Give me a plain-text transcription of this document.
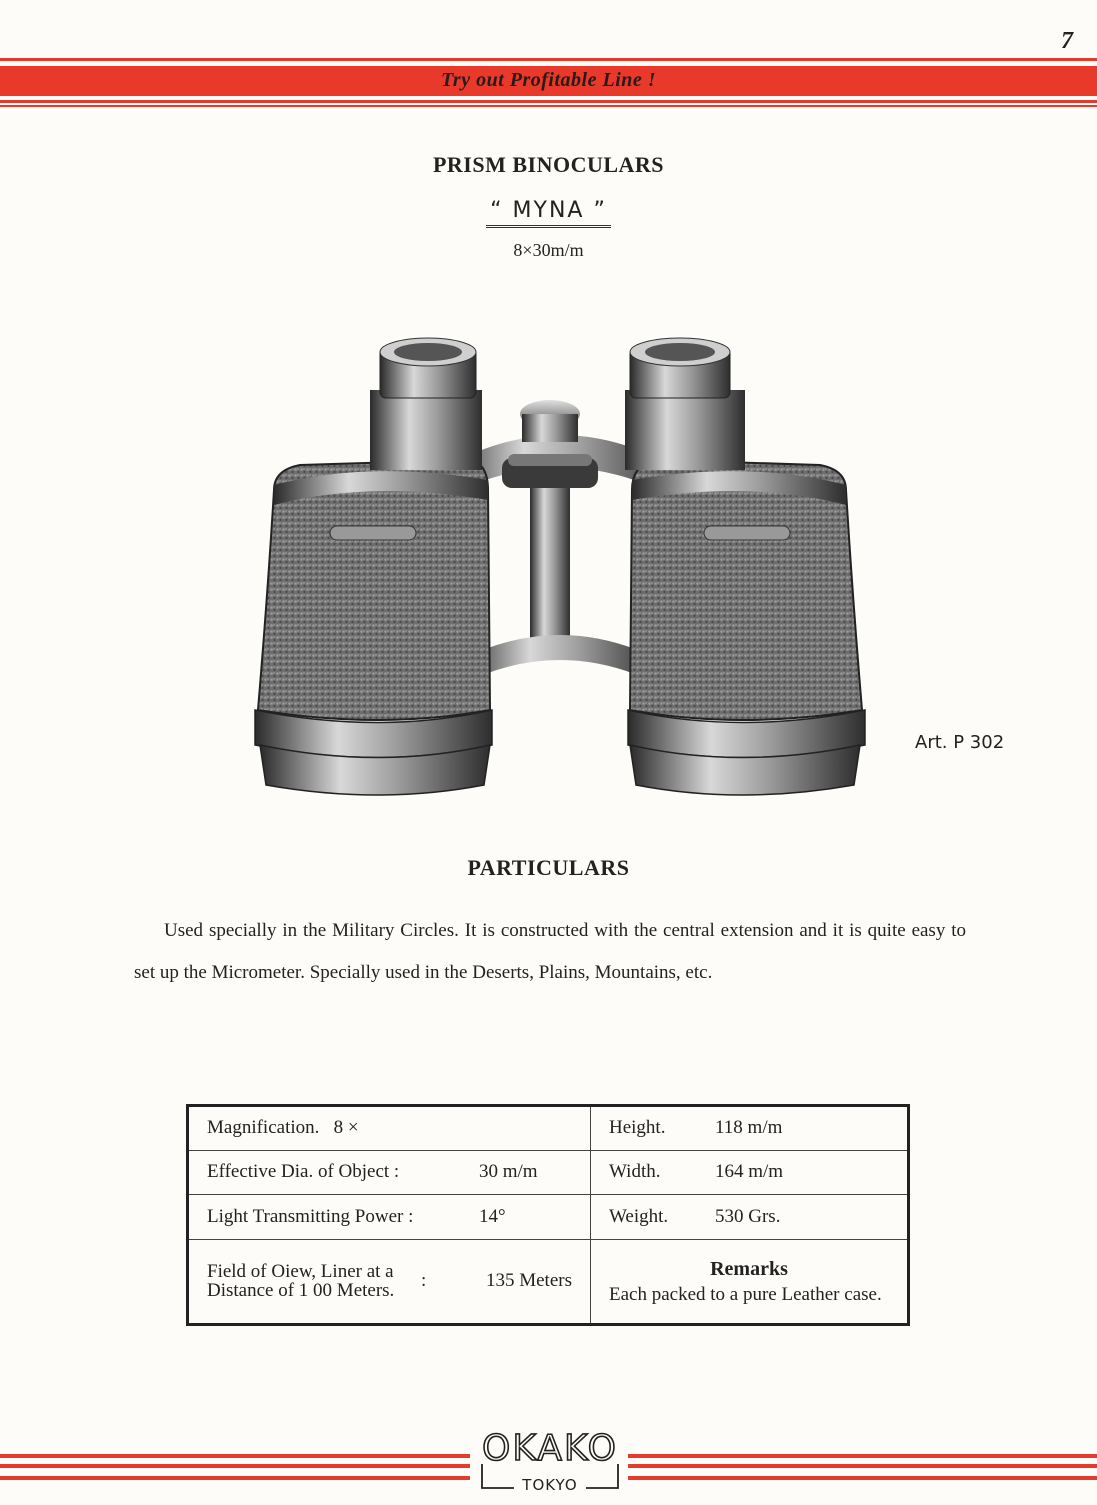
7
Try out Profitable Line !
PRISM BINOCULARS
“ MYNA ”
8×30m/m
Art. P 302
PARTICULARS

Used specially in the Military Circles. It is constructed with the central extension and it is quite easy to set up the Micrometer. Specially used in the Deserts, Plains, Mountains, etc.

Magnification. 8 ×	Height.	118 m/m
Effective Dia. of Object :	30 m/m	Width.	164 m/m
Light Transmitting Power :	14°	Weight. 530 Grs.

Field of Oiew, Liner at a Distance of 1 00 Meters.	:	135 Meters

Remarks
Each packed to a pure Leather case.
OKAKO
TOKYO
